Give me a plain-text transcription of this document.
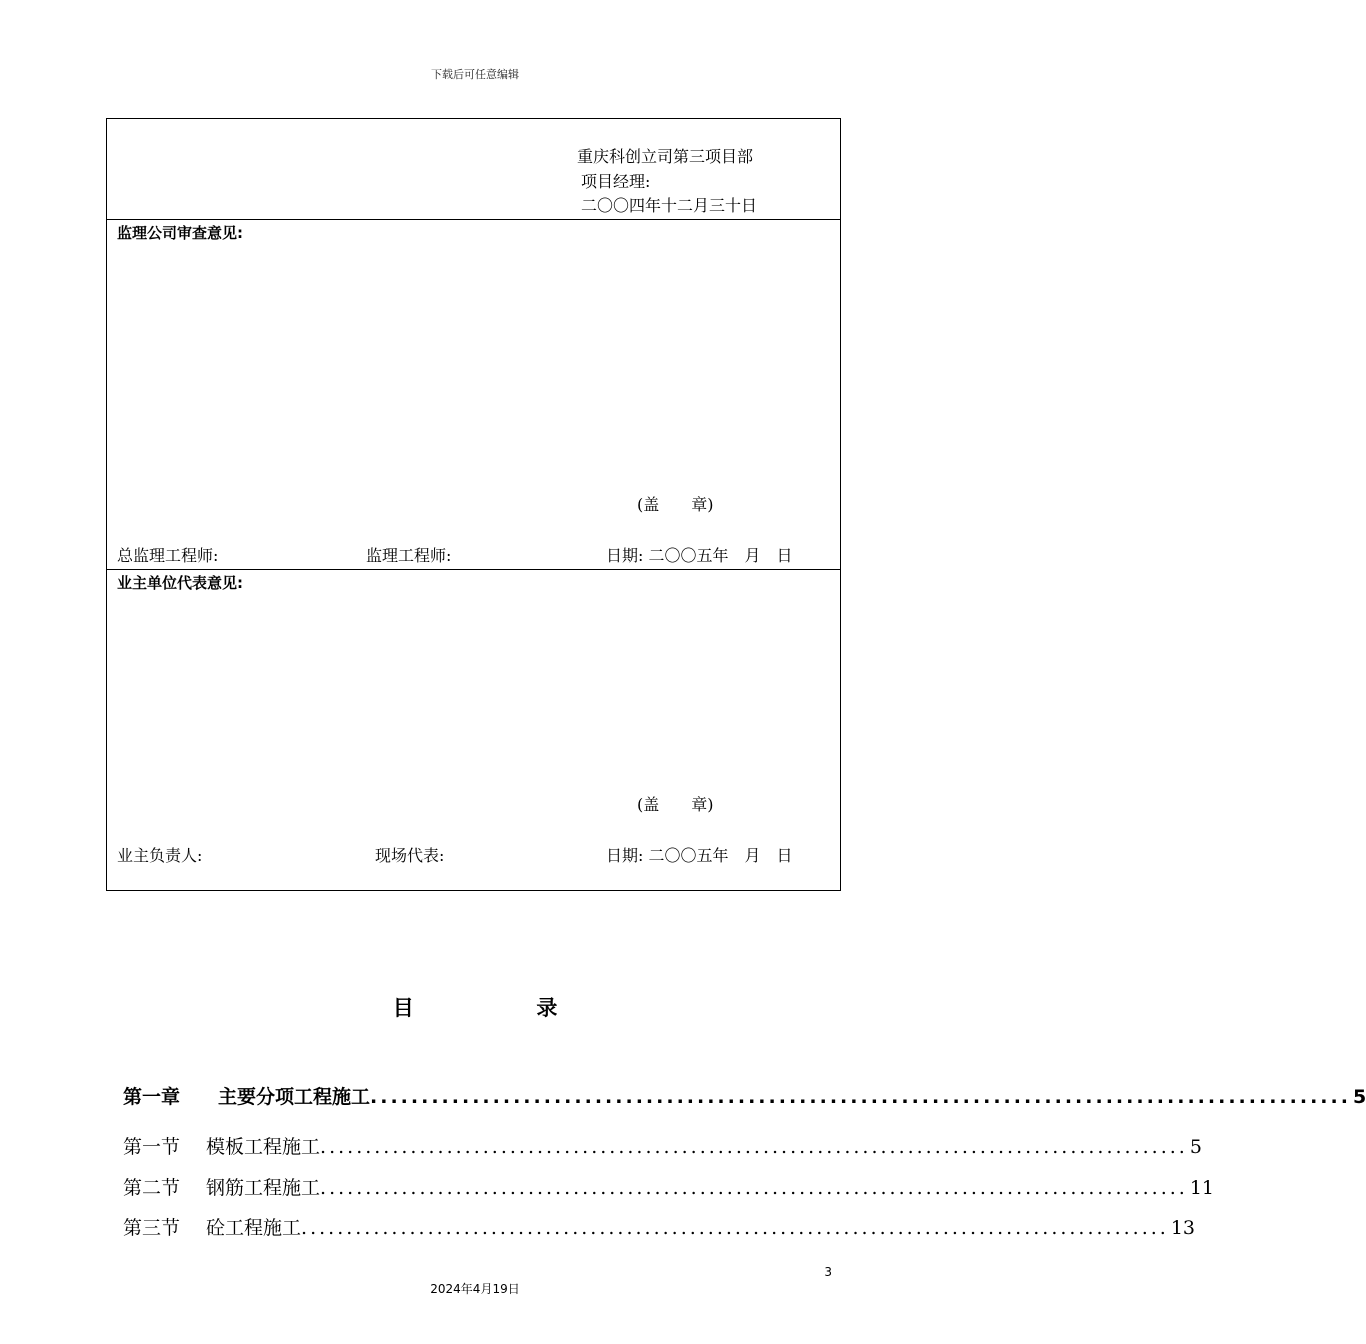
下载后可任意编辑
重庆科创立司第三项目部
项目经理:
二〇〇四年十二月三十日
监理公司审查意见:
(盖　　章)
总监理工程师:	监理工程师:	日期: 二〇〇五年　月　日
业主单位代表意见:
(盖　　章)
业主负责人:	现场代表:	日期: 二〇〇五年　月　日
目	录
第一章 主要分项工程施工 ................................................................................................ 5
第一节 模板工程施工 ................................................................................................ 5
第二节 钢筋工程施工 ................................................................................................ 11
第三节 砼工程施工 ................................................................................................ 13
3
2024年4月19日
